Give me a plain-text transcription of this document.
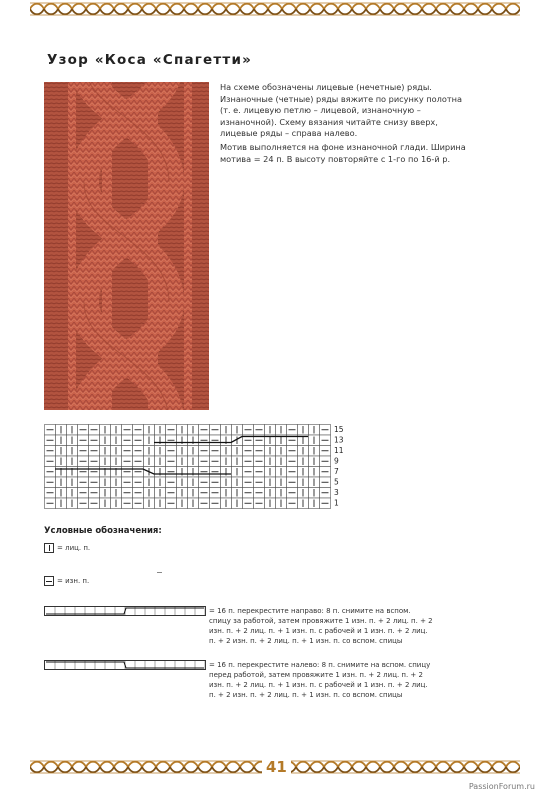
Узор «Коса «Спагетти»

На схеме обозначены лицевые (нечетные) ряды. Изнаночные (четные) ряды вяжите по рисунку полотна (т. е. лицевую петлю – лицевой, изнаночную – изнаночной). Схему вязания читайте снизу вверх, лицевые ряды – справа налево.

Мотив выполняется на фоне изнаночной глади. Ширина мотива = 24 п. В высоту повторяйте с 1-го по 16-й р.

15
13
11
9
7
5
3
1
Условные обозначения:
= лиц. п.
= изн. п.
= 16 п. перекрестите направо: 8 п. снимите на вспом. спицу за работой, затем провяжите 1 изн. п. + 2 лиц. п. + 2 изн. п. + 2 лиц. п. + 1 изн. п. с рабочей и 1 изн. п. + 2 лиц. п. + 2 изн. п. + 2 лиц. п. + 1 изн. п. со вспом. спицы
= 16 п. перекрестите налево: 8 п. снимите на вспом. спицу перед работой, затем провяжите 1 изн. п. + 2 лиц. п. + 2 изн. п. + 2 лиц. п. + 1 изн. п. с рабочей и 1 изн. п. + 2 лиц. п. + 2 изн. п. + 2 лиц. п. + 1 изн. п. со вспом. спицы
41
PassionForum.ru
